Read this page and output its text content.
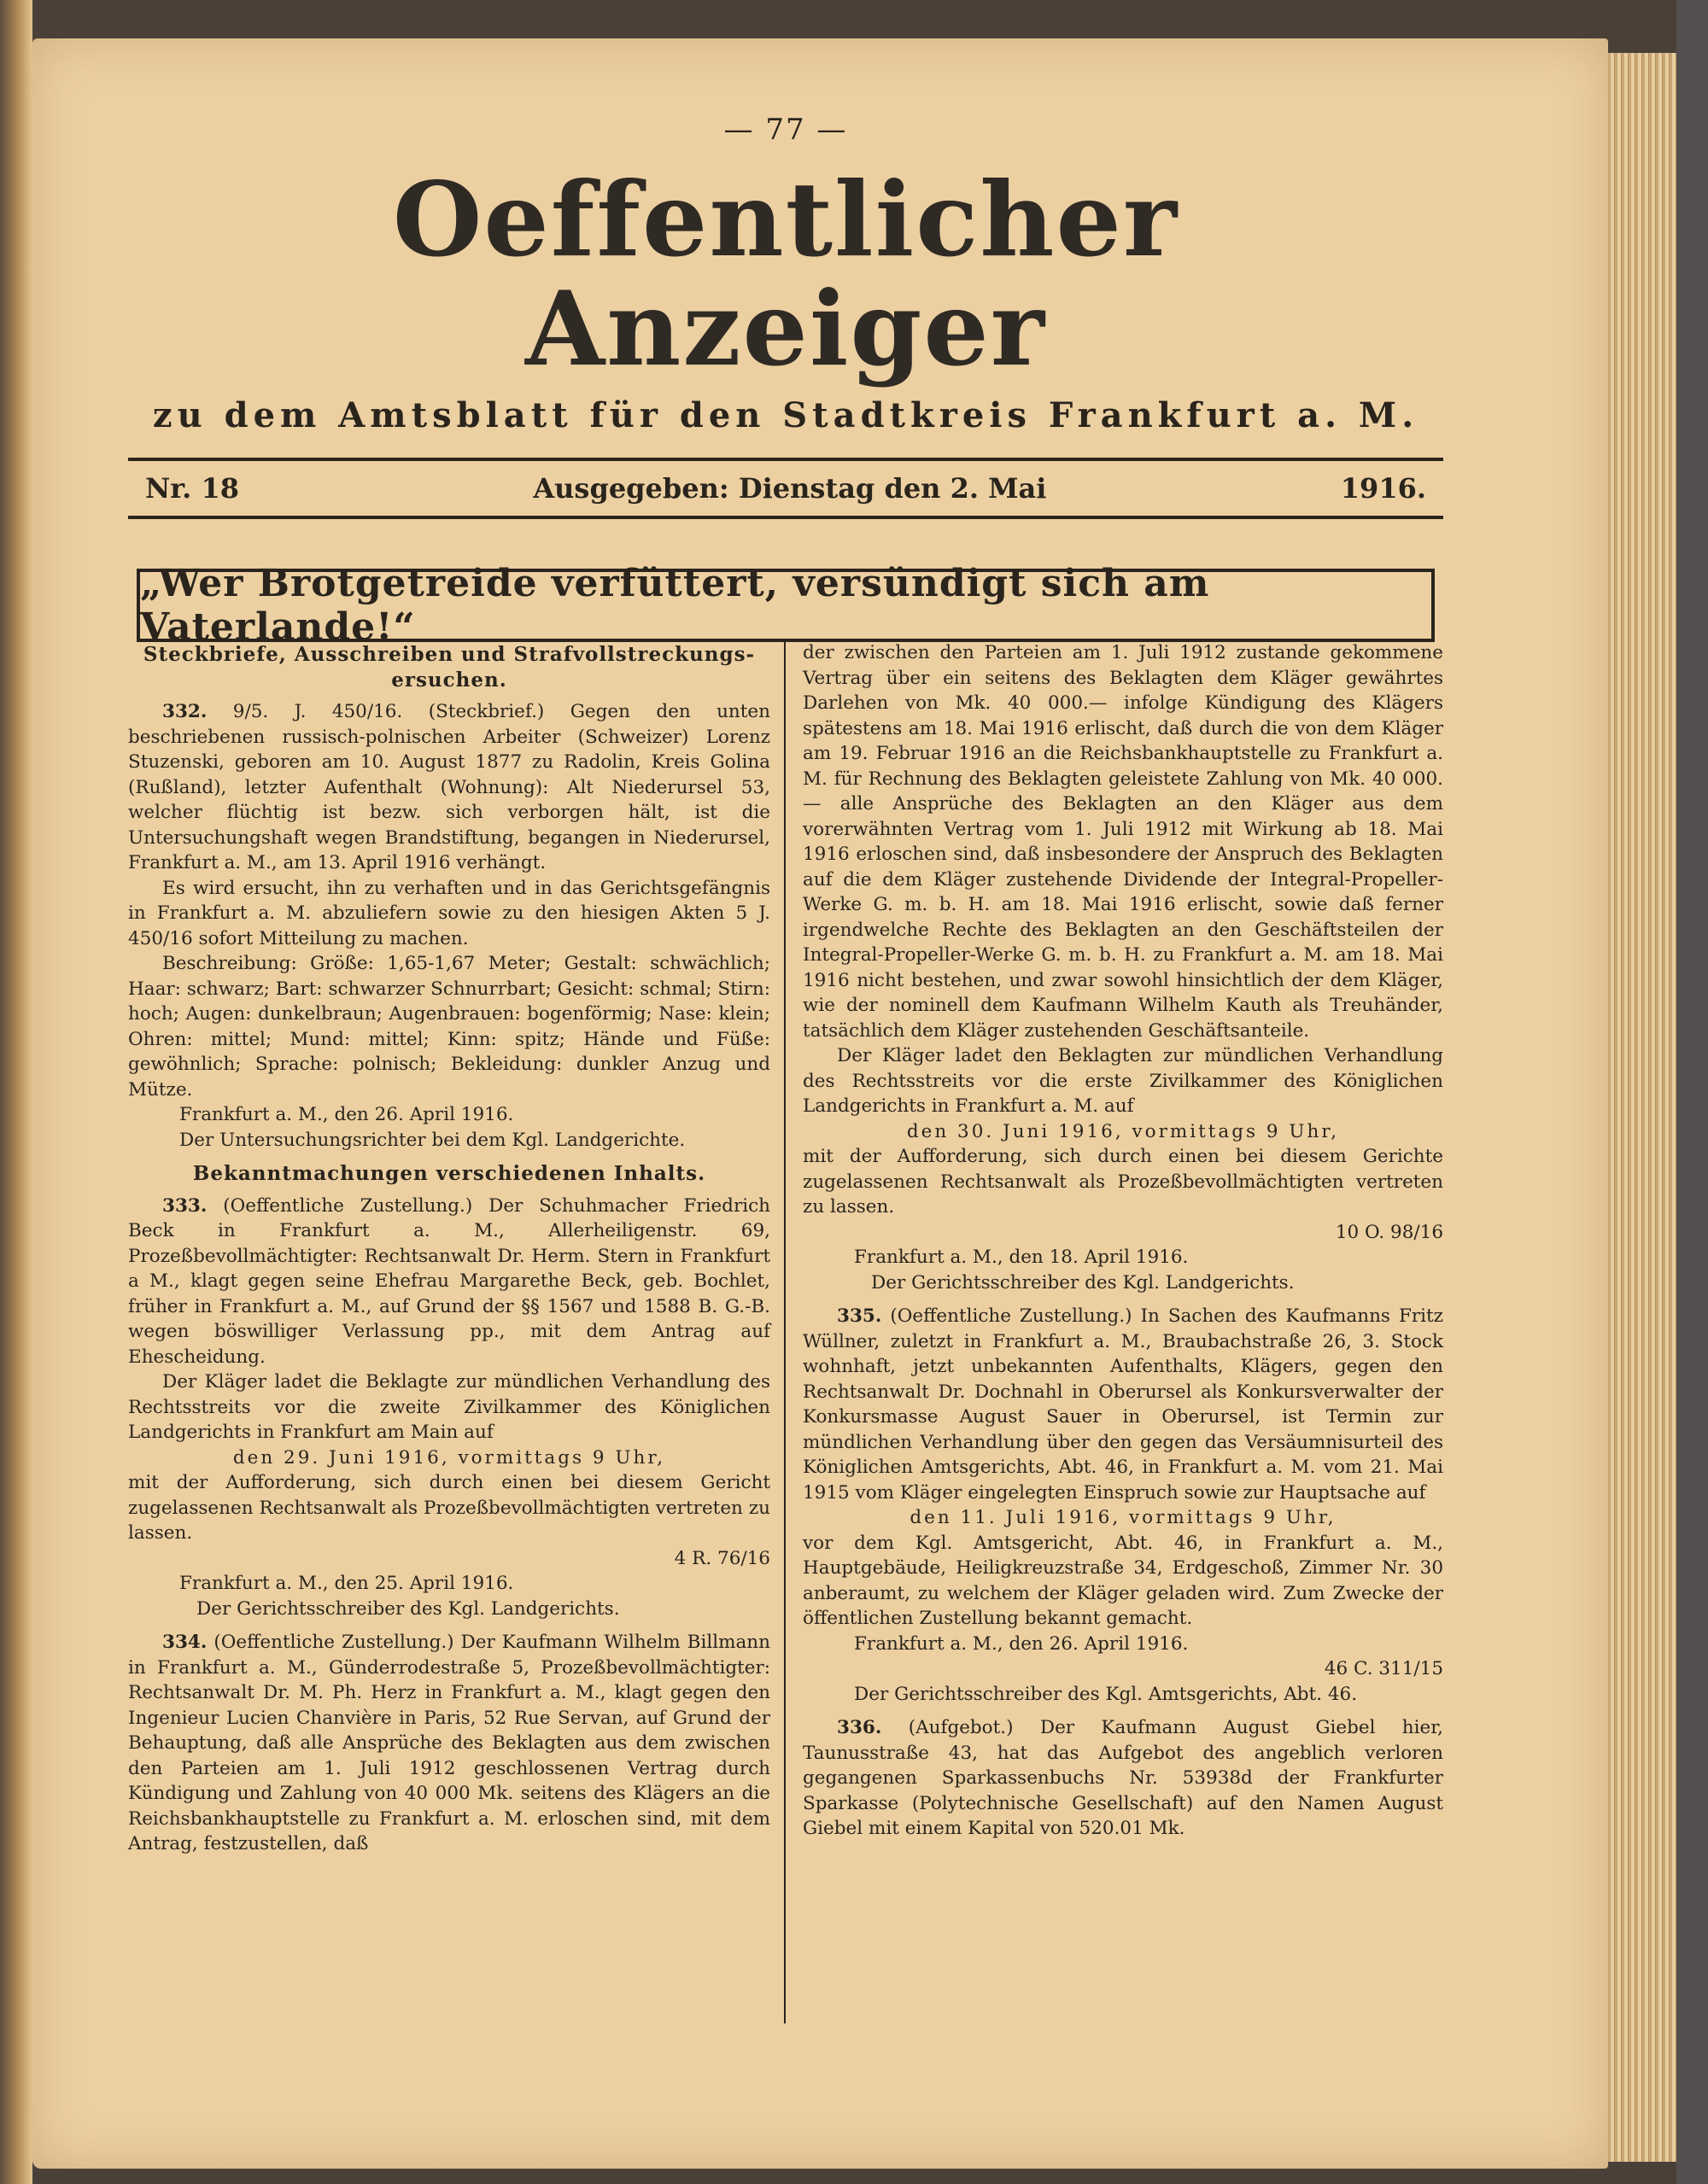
— 77 —
Oeffentlicher Anzeiger
zu dem Amtsblatt für den Stadtkreis Frankfurt a. M.
Nr. 18	Ausgegeben: Dienstag den 2. Mai	1916.
„Wer Brotgetreide verfüttert, versündigt sich am Vaterlande!“

Steckbriefe, Ausschreiben und Strafvollstreckungs-ersuchen.

332. 9/5. J. 450/16. (Steckbrief.) Gegen den unten beschriebenen russisch-polnischen Arbeiter (Schweizer) Lorenz Stuzenski, geboren am 10. August 1877 zu Radolin, Kreis Golina (Rußland), letzter Aufenthalt (Wohnung): Alt Niederursel 53, welcher flüchtig ist bezw. sich verborgen hält, ist die Untersuchungshaft wegen Brandstiftung, begangen in Niederursel, Frankfurt a. M., am 13. April 1916 verhängt.

Es wird ersucht, ihn zu verhaften und in das Gerichtsgefängnis in Frankfurt a. M. abzuliefern sowie zu den hiesigen Akten 5 J. 450/16 sofort Mitteilung zu machen.

Beschreibung: Größe: 1,65-1,67 Meter; Gestalt: schwächlich; Haar: schwarz; Bart: schwarzer Schnurrbart; Gesicht: schmal; Stirn: hoch; Augen: dunkelbraun; Augenbrauen: bogenförmig; Nase: klein; Ohren: mittel; Mund: mittel; Kinn: spitz; Hände und Füße: gewöhnlich; Sprache: polnisch; Bekleidung: dunkler Anzug und Mütze.

Frankfurt a. M., den 26. April 1916.

Der Untersuchungsrichter bei dem Kgl. Landgerichte.

Bekanntmachungen verschiedenen Inhalts.

333. (Oeffentliche Zustellung.) Der Schuhmacher Friedrich Beck in Frankfurt a. M., Allerheiligenstr. 69, Prozeßbevollmächtigter: Rechtsanwalt Dr. Herm. Stern in Frankfurt a M., klagt gegen seine Ehefrau Margarethe Beck, geb. Bochlet, früher in Frankfurt a. M., auf Grund der §§ 1567 und 1588 B. G.-B. wegen böswilliger Verlassung pp., mit dem Antrag auf Ehescheidung.

Der Kläger ladet die Beklagte zur mündlichen Verhandlung des Rechtsstreits vor die zweite Zivilkammer des Königlichen Landgerichts in Frankfurt am Main auf

den 29. Juni 1916, vormittags 9 Uhr,

mit der Aufforderung, sich durch einen bei diesem Gericht zugelassenen Rechtsanwalt als Prozeßbevollmächtigten vertreten zu lassen.

4 R. 76/16

Frankfurt a. M., den 25. April 1916.

Der Gerichtsschreiber des Kgl. Landgerichts.

334. (Oeffentliche Zustellung.) Der Kaufmann Wilhelm Billmann in Frankfurt a. M., Günderrodestraße 5, Prozeßbevollmächtigter: Rechtsanwalt Dr. M. Ph. Herz in Frankfurt a. M., klagt gegen den Ingenieur Lucien Chanvière in Paris, 52 Rue Servan, auf Grund der Behauptung, daß alle Ansprüche des Beklagten aus dem zwischen den Parteien am 1. Juli 1912 geschlossenen Vertrag durch Kündigung und Zahlung von 40 000 Mk. seitens des Klägers an die Reichsbankhauptstelle zu Frankfurt a. M. erloschen sind, mit dem Antrag, festzustellen, daß

der zwischen den Parteien am 1. Juli 1912 zustande gekommene Vertrag über ein seitens des Beklagten dem Kläger gewährtes Darlehen von Mk. 40 000.— infolge Kündigung des Klägers spätestens am 18. Mai 1916 erlischt, daß durch die von dem Kläger am 19. Februar 1916 an die Reichsbankhauptstelle zu Frankfurt a. M. für Rechnung des Beklagten geleistete Zahlung von Mk. 40 000.— alle Ansprüche des Beklagten an den Kläger aus dem vorerwähnten Vertrag vom 1. Juli 1912 mit Wirkung ab 18. Mai 1916 erloschen sind, daß insbesondere der Anspruch des Beklagten auf die dem Kläger zustehende Dividende der Integral-Propeller-Werke G. m. b. H. am 18. Mai 1916 erlischt, sowie daß ferner irgendwelche Rechte des Beklagten an den Geschäftsteilen der Integral-Propeller-Werke G. m. b. H. zu Frankfurt a. M. am 18. Mai 1916 nicht bestehen, und zwar sowohl hinsichtlich der dem Kläger, wie der nominell dem Kaufmann Wilhelm Kauth als Treuhänder, tatsächlich dem Kläger zustehenden Geschäftsanteile.

Der Kläger ladet den Beklagten zur mündlichen Verhandlung des Rechtsstreits vor die erste Zivilkammer des Königlichen Landgerichts in Frankfurt a. M. auf

den 30. Juni 1916, vormittags 9 Uhr,

mit der Aufforderung, sich durch einen bei diesem Gerichte zugelassenen Rechtsanwalt als Prozeßbevollmächtigten vertreten zu lassen.

10 O. 98/16

Frankfurt a. M., den 18. April 1916.

Der Gerichtsschreiber des Kgl. Landgerichts.

335. (Oeffentliche Zustellung.) In Sachen des Kaufmanns Fritz Wüllner, zuletzt in Frankfurt a. M., Braubachstraße 26, 3. Stock wohnhaft, jetzt unbekannten Aufenthalts, Klägers, gegen den Rechtsanwalt Dr. Dochnahl in Oberursel als Konkursverwalter der Konkursmasse August Sauer in Oberursel, ist Termin zur mündlichen Verhandlung über den gegen das Versäumnisurteil des Königlichen Amtsgerichts, Abt. 46, in Frankfurt a. M. vom 21. Mai 1915 vom Kläger eingelegten Einspruch sowie zur Hauptsache auf

den 11. Juli 1916, vormittags 9 Uhr,

vor dem Kgl. Amtsgericht, Abt. 46, in Frankfurt a. M., Hauptgebäude, Heiligkreuzstraße 34, Erdgeschoß, Zimmer Nr. 30 anberaumt, zu welchem der Kläger geladen wird. Zum Zwecke der öffentlichen Zustellung bekannt gemacht.

Frankfurt a. M., den 26. April 1916.

46 C. 311/15

Der Gerichtsschreiber des Kgl. Amtsgerichts, Abt. 46.

336. (Aufgebot.) Der Kaufmann August Giebel hier, Taunusstraße 43, hat das Aufgebot des angeblich verloren gegangenen Sparkassenbuchs Nr. 53938d der Frankfurter Sparkasse (Polytechnische Gesellschaft) auf den Namen August Giebel mit einem Kapital von 520.01 Mk.
